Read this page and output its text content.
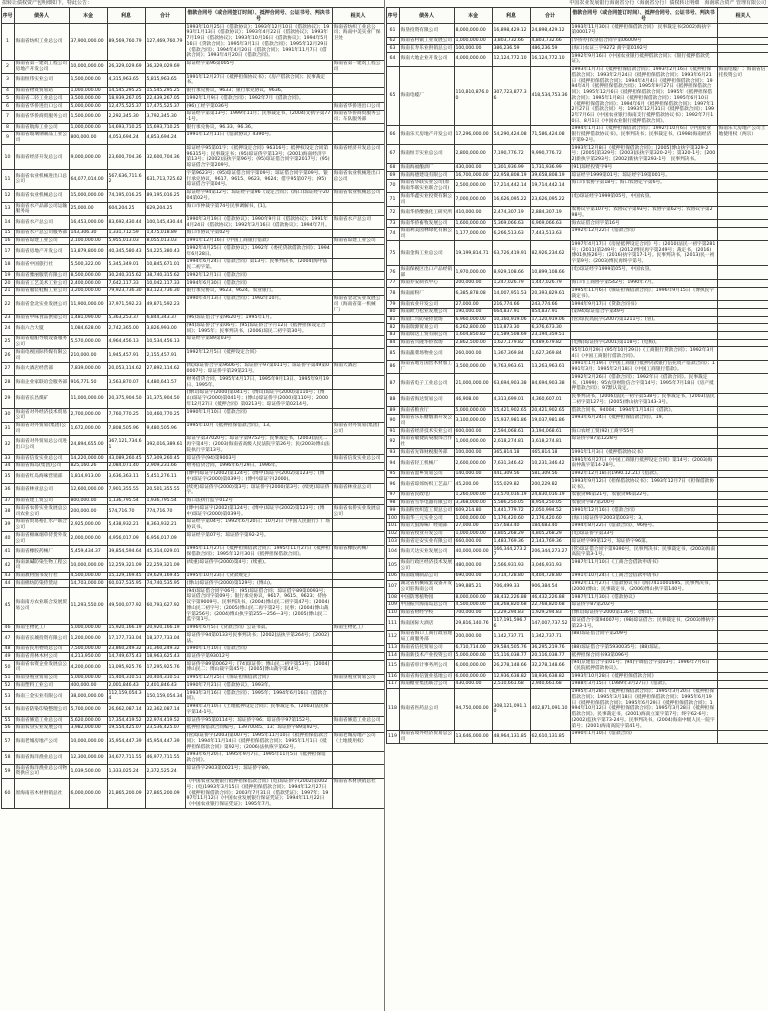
拟转让债权资产包明细如下，特此公告：
序号	债务人	本金	利息	合计	借款合同号（或合同签订时间）、抵押合同号、公证书号、判决书号	相关人
1	海南省纺织工业总公司	37,900,000.00	89,569,760.79	127,469,760.79	1993年10月25日《借款协议》；1993年12月10日《借款协议》；1993年1月13日《借款协议》；1993年4月22日《借款协议》；1993年7月19日《借款协议》；1993年10月16日《借款协议》；1994年5月16日《贷款合同》；1995年3月1日《借款合同》；1995年12月29日《借款合同》；1994年4月20日《借款合同》；1991年11月7日《借款合同》；1993年4月20日《借款合同》。	海南省纺织工业总公司；海南中美实业厂保卫处
2	海南省第一建筑工程公司房地产开发公司	10,000,000.00	26,329,029.69	36,329,029.69	琼证经字第96第005号	海南省第一建筑工程公司
3	海南恒伟实业公司	1,500,000.00	4,315,963.65	5,815,963.65	1991年12月27日《抵押担保协议书》；《房产借款合同》；民事裁定书。	
4	海南省物资贸易站	1,000,000.00	14,545,295.25	15,545,295.25	银行承兑协议，9633；银行承兑协议，9636。	
5	海南省二轻工业总公司	3,500,000.00	18,939,267.05	22,439,267.05	1992年1月9日《借款合同》；1992年7月《借款合同》。	
6	海南省华侨进出口公司	5,000,000.00	12,475,525.37	17,475,525.37	(96)工经字第036号	海南省华侨进出口公司
7	海南省华侨商贸服务公司	1,500,000.00	2,292,345.30	3,792,345.30	琼证经字第第13号；1999年11月；民事裁定书，(2004)文执字第77-1号。	海南省华侨商贸服务公司；车队服务部
8	海南省航海工业公司	1,000,000.00	14,693,710.25	15,693,710.25	银行承兑协议，96.33、96.36。	
9	海南省玻璃钢制品工业公司	800,000.00	4,053,694.24	4,853,694.24	1991年12月11日《借款协议》4390号。	
10	海南省经济开发总公司	9,000,000.00	23,600,704.36	32,600,704.36	琼证经字95第01字；《抵押设定合同》96316号；抵押权设定合同第96315号；民事裁定书；(95)琼证侨字第13号；(2001)海南经济字第13号；(2002)法执字第96号；(95)琼证借合同字第2017号；(95)琼证借合字第209号。	海南省经济开发总公司
11	海南省农业机械进出口总公司	64,077,014.00	567,636,711.62	631,713,725.62	字第9623号；(95)琼证借合同字第09号；琼证借合同字第09号。银行承兑协议，9617、9615、9623、9624；借字95第07号；(95)琼证借合字第04号。	海南省农业机械进出口总公司
12	海南省农业机械总公司	15,000,000.00	74,195,016.25	89,195,016.25	琼证经字94第12号；琼证经字第96《设定合同》；(海口)琼证经字2004第02号。	海南省农业机械总公司
13	海南省水产品部公司运输服务站	25,000.00	604,204.25	629,204.25	海口市仲裁字第74号民事调解书，[1]。	
14	海南省水产总公司	16,453,000.00	83,692,430.44	100,145,430.44	1990年3月19日《借款协议》；1990年9月日《借款协议》；1991年4月24日《借款协议》；1992年3月16日《借款协议》；1994年7月。	海南省水产总公司
15	海南省水产总公司服务部	143,306.30	1,331,712.59	1,475,018.89	海口市协议字第02号	
16	海南省琼建工业公司	2,100,000.00	5,955,013.03	8,055,013.03	1991年12月16日《中国工商银行借款》	海南省琼建工业公司
17	海南省房地产开发公司	13,879,800.00	40,345,580.43	54,225,380.43	1992年4月25日《借款协议》；1992年《委托贷款借款合同》；1994年6月28日。	
18	海南省中国旅行社	5,500,322.00	5,345,349.01	10,845,671.01	1994年6月24日《借款合同》第13号；民事判决书，(2004)海中法民二初字第。	
19	海南省雅丽服装有限公司	8,500,000.00	30,240,315.62	38,740,315.62	1992年12月1日《借款合同》	
20	海南省工艺美术工业公司	2,400,000.00	7,642,117.33	10,042,117.33	1994年6月30日《借款合同》	
21	海南省服装鞋帽工业公司	3,200,000.00	79,923,736.30	83,123,736.30	银行承兑协议，9623、9624。农业银行。	
22	海南省金北实业发展公司	11,900,000.00	37,971,592.23	49,871,592.23	1990年4月13日《借款合同》；1992年10月。	海南省金北实业发展公司（海南省第一机械厂）
23	海南省中味食品供销公司	1,481,090.00	5,363,253.37	6,844,343.37	(96)琼证借合字第9620号；1995年1月。	
24	海南六合大厦	1,084,628.00	2,742,365.00	3,826,993.00	[94]琼证侨合字第06号；[95]琼证侨合字月12日《抵押担保设定合同》；1995年；民事判决书，(2006)琼民二初字第30号。	
25	海南省船舶导航设备服务公司	5,570,000.00	4,964,456.13	10,534,456.13	琼证经字第89第03号	
26	海南电视国际传媒有限公司	210,000.00	1,945,457.91	2,155,457.91	1992年12月5日《抵押设定合同》	
27	海南大酒店经营部	7,839,000.00	20,053,114.62	27,892,114.62	(续)琼证侨合字第9606号；琼证侨字97第011号；琼证侨字第49第00007号；琼证侨字第29第21号。	海南大酒店
28	海南企业家联谊会服务部	916,771.50	3,563,870.07	4,480,641.57	财务借贷合同，1995年4月17日、1995年9月13日、1995年9月19日、1995年。	
29	海南省长昌煤矿	11,000,000.00	20,375,904.50	31,375,904.50	(博山)琼证字(2000)第041号；(博山)琼证字(2000)第110号；(博山)琼证字(2000)第041号；(博山)琼证侨字(2000)第110号；2000年12月27日《抵押合同》第0213号；琼证侨字第0214号。	
30	海南省对外经济技术贸易公司	2,700,000.00	7,760,770.25	10,460,770.25	1990年1月10日《借款合同》	
31	海南省对外贸易(集团)公司	1,672,000.00	7,808,505.96	9,480,505.96	1995年10月《抵押担保借款合同》，13。	海南省对外贸易(集团)公司
32	海南省对外贸易总公司进出口公司	24,894,655.00	367,121,734.61	392,016,389.61	琼证字第37020号；琼证字第9752号；民事裁定书，(2003)法民二再字第4号；(2003)海南省高级人民法院字第26号；民(2003)博山法院执行字第13号。	
33	海南省信发实业总公司	14,220,000.00	43,089,260.45	57,309,260.45	琼证侨字(94)第9003号	海南省信发实业总公司
34	海南省海岛(集团)公司	825,160.26	2,084,071.40	2,909,231.66	财务借贷合同，1996年6月29日、1996年。	
35	海南省红岛海味营销部	1,814,913.00	3,636,363.11	5,451,276.11	(博中)琼证字(2002)第124号；(博中)琼证字(2002)第123号；(博中)琼证字(2000)第039号；(博中)琼证字(2000)。	
36	海南省林业总公司	12,600,000.00	7,901,355.55	20,501,355.55	(续更)琼证侨字(2000)第3号；琼证侨字(2000)第3号；(续更)琼证侨字。	海南省林业总公司
37	海南省建工贸公司	800,000.00	1,136,795.54	1,936,795.54	海口法执行监字012号	
38	海南省农侨实业发展总公司农业公司	200,000.00	574,716.70	774,716.70	(博中)琼证字(2002)第124号；(博中)琼证字(2002)第123号；(博中)琼证字(2000)第039号。	海南省农侨实业发展总公司
39	海南省贸易裕汇水产联合公司	2,925,000.00	5,438,932.21	8,363,932.21	琼证经字第04号；1992年6月20日；10月2日《中国人民银行》广场协议书。	
40	海南省棉麻烟草侍货外发公司	2,000,000.00	4,956,017.09	6,956,017.09	琼证经字第07号；琼证侨字第92-2号。	
41	海南省橡胶药械厂	5,459,434.37	39,854,594.64	45,314,029.01	1995年11月27日《抵押担保借款合同》；1995年11月27日《抵押担保借款合同》；1995年12月30日《抵押担保借款合同》。	海南省橡胶药械厂
42	海南氯碱防染生物工程公司	10,000,000.00	12,259,321.09	22,259,321.09	(续重)琼证侨字(2000)第4号；(续重)。	
43	海南教材图书发行社	4,500,000.00	15,129,169.45	19,629,169.45	1995年10月23日《贷款规定》	
44	海南棉纺防染侍货站	14,703,000.00	60,037,535.95	74,740,535.95	(博山)琼证侨字(2000)第129号；(博山)。	
45	海南南方农业联合发展贸易公司	11,293,550.00	49,500,077.92	60,793,627.92	(94)琼证借合同字06号；(95)琼证借合同；琼证借字89第0093号；琼证借合同字第09号；银行承兑协议，9617、9615、9623；侍协议字第9009号。民事判决书，(2004)博山民二初字第47号；(2004)博山民二初字号；(2005)博山民二再字第2号；民事；(2004)博山裁字第256号；(2004)博山执字第255—256—3号；(2005)博山民二监字第1号。	
46	海南生物化工厂	5,000,000.00	15,920,166.19	20,920,166.19	1996年6月5日《贷款合同》公证书第。	海南生物化工厂
47	海南省长城投资有限公司	1,200,000.00	17,177,733.04	18,377,733.04	琼证侨字94第0133号民事判决书；[2002]法执字第264号；[2002]法。	
48	海南省民用物资总公司	7,500,000.00	23,860,249.32	31,360,249.32	1990年1月10日《借款合同》	
49	海南省青林木材公司	4,213,950.00	14,749,675.43	18,963,625.43	琼证侨字第93012号	
50	海南省农资企业发展总公司	4,200,000.00	13,095,925.76	17,295,925.76	琼证侨字89第0062号；[74]琼证侨；博山民二初字第53号；[2004]博山民二；博山裁字第45号；[2005]博山裁字第44号。	
51	海南垦殖业贸易公司	5,000,000.00	15,404,310.51	20,404,310.51	1995年12月25日《保证担保借款合同》	海南垦殖业贸易公司
52	海南塑料工业公司	400,000.00	2,001,846.43	2,401,846.43	1990年7月21日《借款协议》，1993年。	
53	海南三金实业有限公司	38,000,000.00	112,159,054.34	150,159,054.34	1993年3月16日《借款合同》；1995年；1994年6月16日《借款合同》。	
54	海南省防染印染整理公司	5,700,000.00	26,662,087.14	32,362,087.14	1994年3月10日《土地抵押设定合同》；民事裁定书，(2003)法民保字第14-1号。	
55	海南省修造工业总公司	5,620,000.00	17,354,419.52	22,974,419.52	琼证侨字95第0114号；琼证侨字96；琼证侨字97第152号。	海南省修造工业总公司
56	海南农垦实业发展公司	3,982,000.00	19,554,425.07	23,536,425.07	抵押担保借款合同编号，13970045、13；琼证侨字89第92号。	
57	海南老城房地产公司	10,000,000.00	35,954,447.39	45,954,447.39	(管)琼证侨字(2003)第007号；1995年11月10日《抵押担保借款合同》；1994年11月14日《抵押担保借款合同》；1995年1月1日《抵押担保借款合同》第92号；(2006)法执恢字第62号。	海南老城房地产公司（土地使用权）
58	海南省海洋渔业总公司	12,300,000.00	34,677,711.55	46,977,711.55	1993年6月20日、1995年9月7日、1995年11月5日《抵押担保借款合同》。	
59	海南省海洋渔业总公司物资供应公司	1,039,500.00	1,333,025.24	2,372,525.24	琼证侨字2903第0021号；琼证侨字89。	
60	原海南省木材供销总社	6,000,000.00	21,865,200.09	27,865,200.09	《中国农业发展银行抵押担保借款合同》(电)琼证侨字(2002)第002号；(电)1993年3月15日《抵押担保借款合同》；1994年12月27日《抵押担保借款合同》；2003年7月31日《借款凭证》；1997年；1997年11月12日《中国农业发展银行保证凭证》；1994年11月22日《中国农业银行保证凭证》；1995年7月。	海南省木材供销总社
中国农业发展银行海南省分行（海南省分行）债权转让明细　海南联合资产 管理有限公司
序号	债务人	本金	利息	合计	借款合同号（或合同签订时间）、抵押合同号、公证书号、判决书号	相关人
61	海垦投资有限公司	8,000,000.00	16,898,429.12	24,898,429.12	1993年11月30日《抵押担保借款合同》 民事裁定书(2002)海执字第00017号	
62	海南省村镇工业发展公司	1,000,000.00	3,803,732.66	4,803,732.66	[华侨办]农垦借合同字第06009号	
63	海南长寿乐业供销总公司	100,000.00	386,236.59	486,236.59	(海口)农证三字9272 商字第0192号	
64	海南大地企业开发公司	4,000,000.00	12,124,772.10	16,124,772.10	1992年9月16日《中国农业银行抵押借款合同》；《银行抵押借款凭证》。	
65	海南电缆厂	110,810,876.00	307,723,877.36	418,534,753.36	1993年1月7日《抵押担保借款合同》；1993年2月16日《抵押担保借款合同》；1993年2月24日《抵押担保借款合同》；1993年6月21日《抵押担保借款合同》；1994年4月4日《抵押担保借款合同》；1994年4月《抵押担保借款合同》；1995年9月27日《抵押担保借款合同》；1995年12月6日《抵押担保借款合同》；1995年《抵押担保借款合同》；1995年1月8日《抵押担保借款合同》；1995年6月10日《抵押担保借款合同》；1994年6月《抵押担保借款合同》；1997年12月27日《借款合同》号；1993年12月31日《抵押借款合同》；1992年7月6日《中国农业银行海南支行抵押借款协议书》；1992年7月10日、8月1日《中国农业银行抵押借款合同》。	海南电缆厂；海南省信托投资公司
66	海南乐天房地产开发公司	17,296,000.00	54,290,424.08	71,586,424.08	1994年1月1日《抵押担保借款合同》；1992年10月6日《中国农业银行抵押借款协议书》。民事判决书；民事裁定书，(1998)海南经济字第9-2号。	海南乐天房地产公司土地使用权（两宗）
67	海南恒丰实业总公司	2,800,000.00	7,190,776.72	9,990,776.72	1993年12月8日《抵押担保借款合同》；[2005]博山执字第329-2号；[2005]第329号；[2003]法执字第320-2号；第320-1号；[2002]新执字第293号；[2002]新执字第293-1号　民事判决书。	
68	海南海福酿酒厂	430,000.00	1,301,936.99	1,731,936.99	[91]琼经投资字9号	
69	海南海德建设有限公司	16,700,000.00	22,958,808.19	39,658,808.19	琼证经字1999第01号；琼证经字19第001号。	
70	海南省华联实业公司(原海南华联实业联合公司)	2,500,000.00	17,214,442.14	19,714,442.14	海口市农协字第18号；海口农协定字第6号。	
71	海南华鑫实业投资有限公司	7,000,000.00	16,626,095.22	23,626,095.22	(电)琼证经字1999第05号，中国农垦。	
72	海南华侨酸强化工研究所	410,000.00	2,474,307.19	2,884,307.19	农协议字第107号；农协议字第93号；农协字第62号；农协议字第298号。	
73	海南华侨畜牧发展公司	1,600,000.00	5,369,066.63	6,969,066.63	海农证借合同字第16号	
74	海南利美园林绿化有限公司	1,177,000.00	6,266,513.63	7,443,513.63	1992年12月22日《借款合同》	
75	海南金海工业总公司	19,199,814.71	63,726,419.91	82,926,234.62	1997年4月17日《房屋抵押设定合同》号；(2010)法民一初字第281号；(2011)第249号；(2012)博民再字第249号；裁定书，(2016)博01执恢26号；(2016)执字第17-1号。民事判决书，(2013)民一初字第9号；(2003)博民再终字第号。	
76	海南保税区出口产品经销部	1,970,000.00	8,929,108.66	10,899,108.66	(电)琼证经字1999第05号，中国农垦。	
77	海南乔安制衣中心	200,000.00	1,247,026.79	1,447,026.79	海口市工商协字第542号；1990年7月。	
78	海南面粉厂	6,385,878.08	14,007,951.53	20,393,829.61	1995年11月6日《保证担保借款合同》；1996年9月15日《博执民字裁定书》。	
79	海南农业开发公司	27,000.00	216,774.66	243,774.66	1994年9月17日《贷款合同书》	
80	海南欧力松业发展公司	190,000.00	664,837.91	854,837.91	(第94)琼证借合字第49号	
81	海南仁兴防染侍货场	6,960,000.00	10,160,919.06	17,120,919.06	(管)琼民高院字(2007)第1211号；(管)。	
82	海南瑞源贸易公司	6,262,800.00	113,873.30	6,376,673.30		
83	海南瑞达工贸有限公司	1,604,850.82	21,589,508.69	23,194,359.51		
84	海南省兴隆华侨农场	2,862,500.00	1,627,179.82	4,489,679.82	(电梅)琼证侨字(2001)第118号；(电梅)。	
85	海南蔬菜场物业公司	260,000.00	1,367,369.84	1,627,369.84	95年10月29日 (95年10月29日)《工商银行贷款合同》；1992年3月4日《中国工商银行借款合同》。	
86	海南省地方国营木材加工厂	3,500,000.00	9,763,963.61	13,263,963.61	1991年1月19日《中国工商银行抵押贷款银行信托资产借款合同》；1991年3月；1995年2月18日《中国工商银行借款》。	
87	海南省电子工业总公司	21,000,000.00	63,694,903.38	84,694,903.38	1992年2月26日《借款合同》；1992年日《借款合同》。民事裁定书，(1999)；95农垦财险信合字第14号；1995年7月18日《房产抵押借款合同》；97默认设定。	
88	海南省海达贸易公司	46,908.00	4,313,699.01	4,360,607.01	民事判决书，(2006)法民一初字第538号；民事裁定书，(2003)法民二初字第127号；(2005)博山执字第143-3号。	
89	海南省粮食厅	5,000,000.00	15,421,902.65	20,421,902.65	借款合同书，94004；1994年1月14日《借款》。	
90	海南省乐东糖烟酒开发公司	3,100,000.00	15,937,981.86	19,037,981.86	1993年6月24日《抵押担保借款合同》，19。	
91	海南省经济技术实业公司	600,000.00	2,594,068.61	3,194,068.61	海口农经工贸(92)工商字55号	
92	海南省敏捷防染服饰合作社	1,000,000.00	2,618,274.81	3,618,274.81	琼证侨字87第1228号	
93	海南省先锋财税服务部	100,000.00	365,814.18	465,814.18	1991年1月3日《抵押借款协议书》	
94	海南省轻工机械厂	2,600,000.00	7,631,346.42	10,231,346.42	1991年6月27日《中国工商银行抵押设定合同》第14号；(2003)海南仲裁字第14-28号。	
95	海南省韶乡贸易公司	140,000.00	441,309.56	581,309.56	1992年12月18日(1990.12.21)《借款》。	
96	海南省琼郊纺织工艺品厂	45,200.00	155,029.82	200,229.82	1993年9月12日《担保借款协议书》；1993年12月7日《担保借款协议书》。	
97	海南省民政电厂	1,260,000.00	23,570,016.19	24,830,016.19	农银贷96第21号，农银贷96第22号。	
98	海南省雪华电器有限公司	3,368,000.00	5,586,250.05	8,954,250.05	农银贷字87第200号	
99	海南粉丝织造工贸总公司	609,214.80	1,441,779.72	2,050,994.52	1991年12月16日《借款合同》	
100	海南华三元实业公司	1,000,000.00	1,176,420.60	2,176,420.60	(海口)琼证侨字2003第003号；3。	
101	海南天狼海味厂经销部	27,000.00	157,683.40	184,683.40	1994年8月22日《借款合同》，96格号。	
102	海南省牧业开发公司	1,000,000.00	3,805,268.29	4,805,268.29	(电)琼证侨字第33号	
103	海南省定安实业有限公司	660,000.00	1,483,769.36	2,143,769.36	琼证经字99第12号，琼证侨字96第。	
104	海南天达实业发展公司	40,000,000.00	166,344,273.27	206,344,273.27	(管)琼证借合同字第9390号，民事判决书；民事裁定书，(2003)海南高院字第3-1号。	
105	海南行政区经济技术发展公司	480,000.00	2,566,931.93	3,046,931.93	1987年11月10日《工商合会借款申请书》	
106	海南玻璃制品公司	690,000.00	3,714,728.80	4,404,728.80	1991年10月24日《工商合会借款申请书》	
107	湖北省机械成套设备开发公司驻海南公司	199,885.21	706,499.33	906,384.54	1992年11月27日《借款协议书》(海)7411001695。民事判决书，(2000)博山；民事裁定书，(2006)博山执字第140号。	
108	中国防寒植物园	8,000,000.00	38,432,226.88	46,432,226.88	1987年11月30日《借款协议》	
109	中国振兴海南岛总公司	4,500,000.00	18,268,820.68	22,768,820.68	琼证侨字87第202号	
110	海南省财经学校	700,000.00	1,229,294.83	1,929,294.83	(博山)琼证侨字2000第136号；(博山)。	
111	海南国际大酒店	29,816,140.76	117,191,596.76	147,007,737.52	琼证借合字第94007号；(98)琼证借合；民事裁定书，(2003)博执字第23-1号。	
112	海南省海口工商行政管理局工商服务部	200,000.00	1,142,737.71	1,342,737.71	(88)琼证借合同字第209号	
113	海南省信托贸易公司	6,710,714.00	29,584,505.76	36,295,219.76	(88)琼证借合字第5930035号；(88)琼证。	
114	海南新技术产业投资公司	5,000,000.00	15,116,038.77	20,116,038.77	抵押担保合同书93第096号	
115	海南省审计事务所公司	6,000,000.00	26,278,148.66	32,278,148.66	[94]京建借合字第01号；[94]宇调借合字第03号；1996年7月6日《民院抵押借款协议》。	
116	海南省海信置业基地公司	6,000,000.00	12,936,638.82	18,936,638.82	1993年10月28日《抵押担保借款合同》	
117	海南糖业集团联合公司	430,000.00	2,510,661.68	2,940,661.68	1988年3月15日（1989年3月27日）《借款》。	
118	海南省医药总公司	94,750,000.00	308,121,091.10	402,871,091.10	1995年3月28日《抵押担保借款合同》；1995年3月20日《抵押担保借款合同》；1995年3月18日《抵押担保借款合同》；1995年6月19日《抵押担保借款合同》；1995年6月29日《抵押担保借款合同》；1994年10月12日《抵押担保借款合同》；1995年3月28日《抵押担保借款合同》。民事裁定书，(2001)海南立案字第7号；终字62-6号；(2002)监执字第73-24号。民事判决书，(2004)海南中级人民一院字第号；(2001)海南高院字第41号。	
119	海南省境外经济贸易总公司	13,646,000.00	48,964,131.85	62,610,131.85	1990年1月10日《借款合同》	
